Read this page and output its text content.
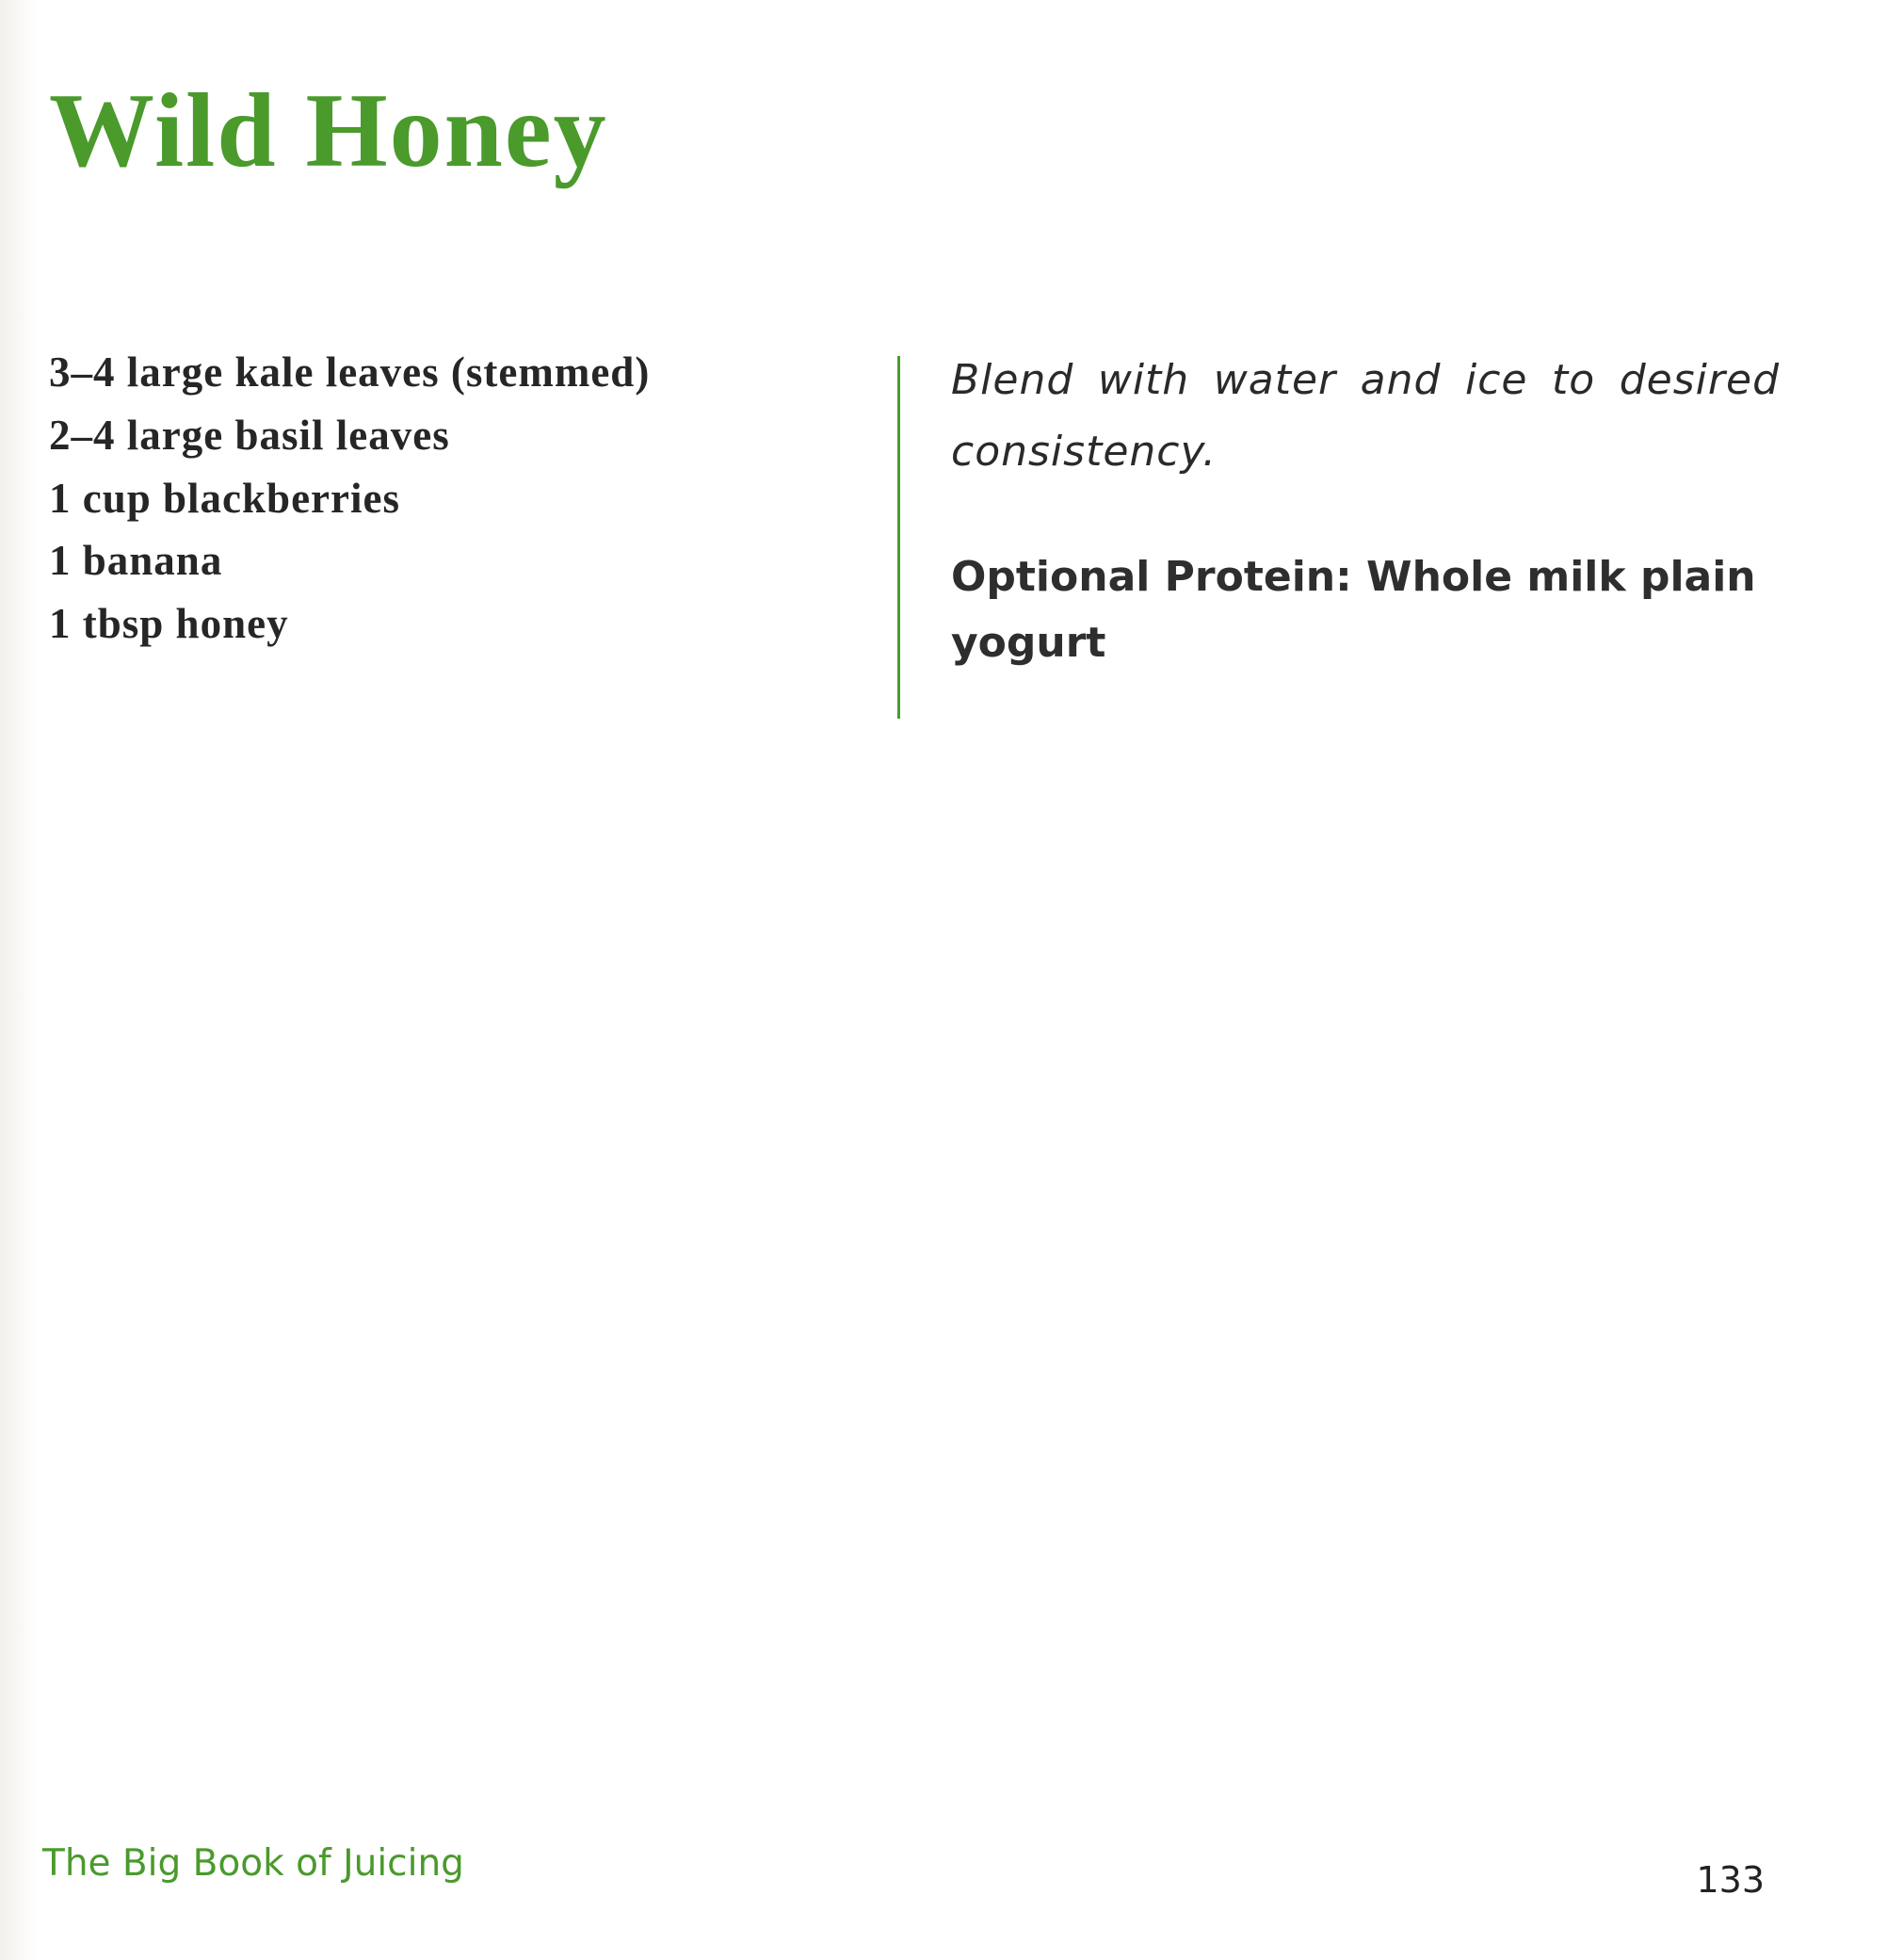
Wild Honey
3–4 large kale leaves (stemmed)
2–4 large basil leaves
1 cup blackberries
1 banana
1 tbsp honey

Blend with water and ice to desired consistency.

Optional Protein: Whole milk plain yogurt

The Big Book of Juicing	133
